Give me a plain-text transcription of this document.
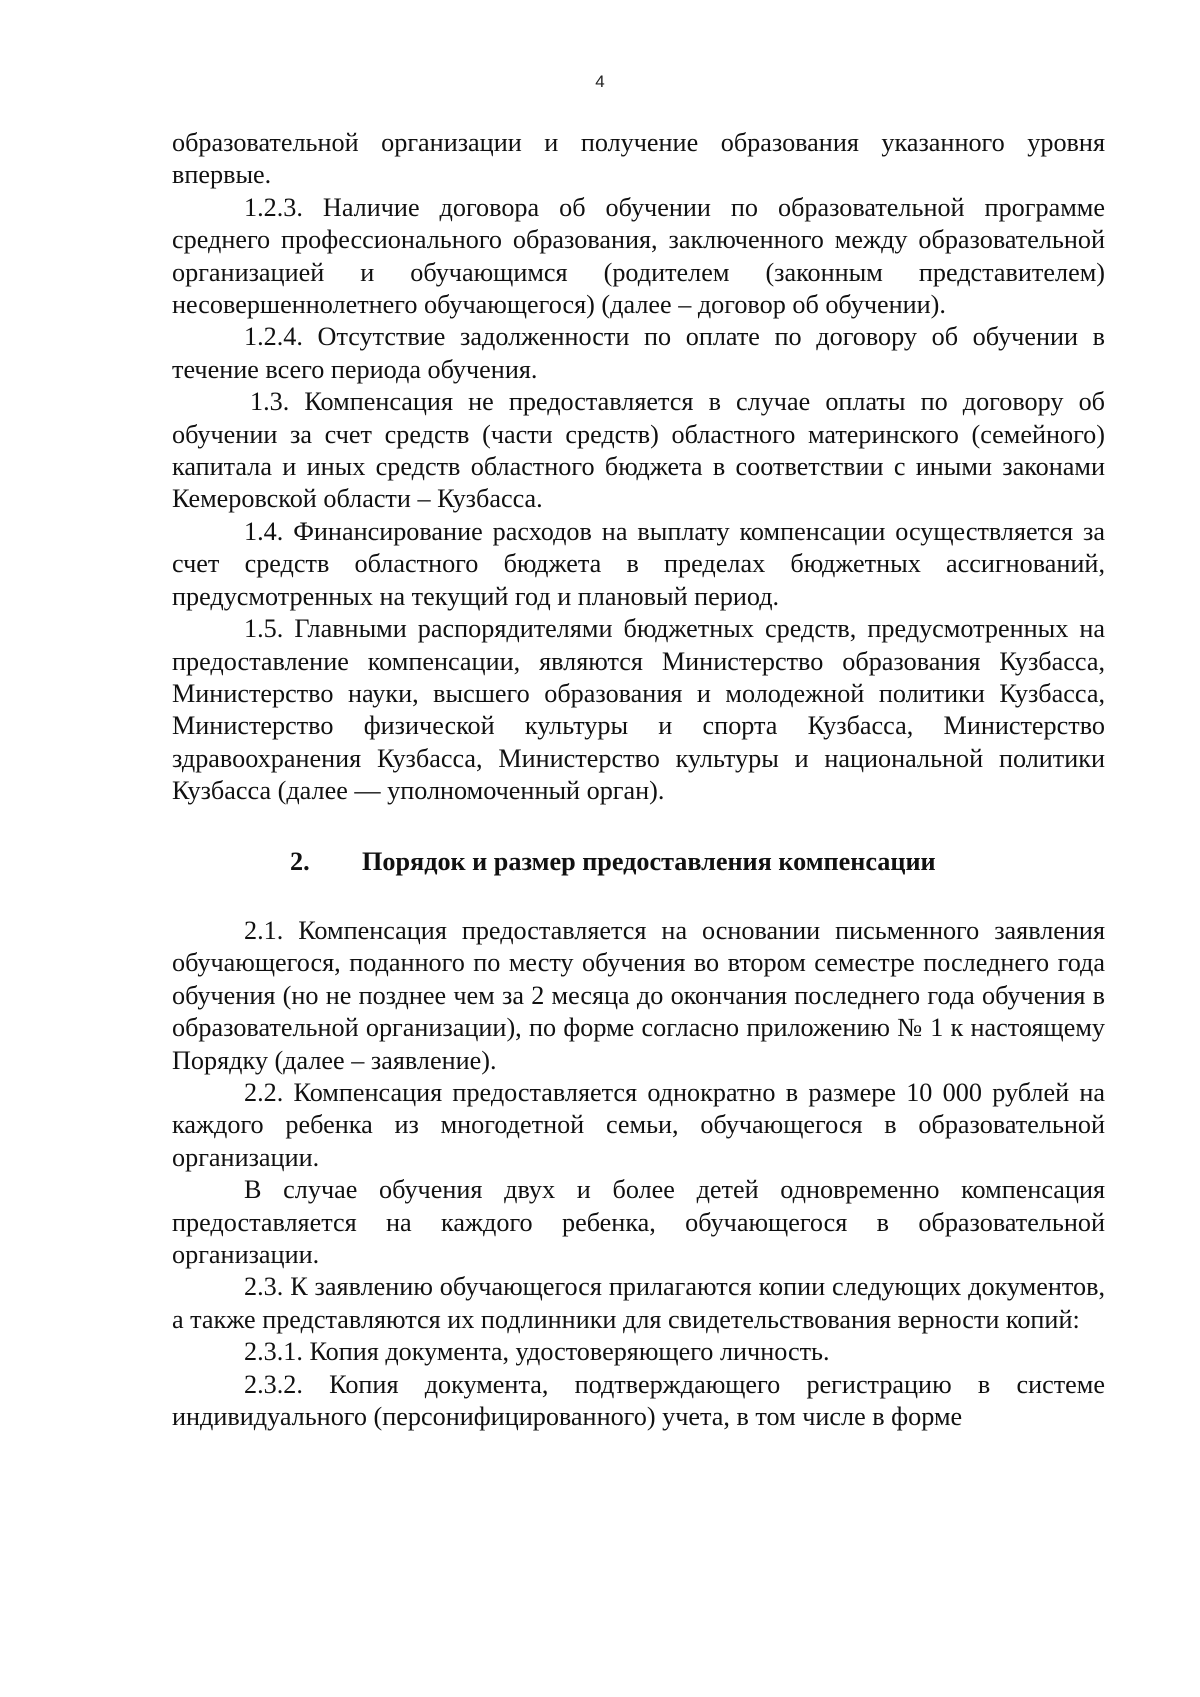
4

образовательной организации и получение образования указанного уровня впервые.

1.2.3. Наличие договора об обучении по образовательной программе среднего профессионального образования, заключенного между образовательной организацией и обучающимся (родителем (законным представителем) несовершеннолетнего обучающегося) (далее – договор об обучении).

1.2.4. Отсутствие задолженности по оплате по договору об обучении в течение всего периода обучения.

1.3. Компенсация не предоставляется в случае оплаты по договору об обучении за счет средств (части средств) областного материнского (семейного) капитала и иных средств областного бюджета в соответствии с иными законами Кемеровской области – Кузбасса.

1.4. Финансирование расходов на выплату компенсации осуществляется за счет средств областного бюджета в пределах бюджетных ассигнований, предусмотренных на текущий год и плановый период.

1.5. Главными распорядителями бюджетных средств, предусмотренных на предоставление компенсации, являются Министерство образования Кузбасса, Министерство науки, высшего образования и молодежной политики Кузбасса, Министерство физической культуры и спорта Кузбасса, Министерство здравоохранения Кузбасса, Министерство культуры и национальной политики Кузбасса (далее — уполномоченный орган).

2. Порядок и размер предоставления компенсации

2.1. Компенсация предоставляется на основании письменного заявления обучающегося, поданного по месту обучения во втором семестре последнего года обучения (но не позднее чем за 2 месяца до окончания последнего года обучения в образовательной организации), по форме согласно приложению № 1 к настоящему Порядку (далее – заявление).

2.2. Компенсация предоставляется однократно в размере 10 000 рублей на каждого ребенка из многодетной семьи, обучающегося в образовательной организации.

В случае обучения двух и более детей одновременно компенсация предоставляется на каждого ребенка, обучающегося в образовательной организации.

2.3. К заявлению обучающегося прилагаются копии следующих документов, а также представляются их подлинники для свидетельствования верности копий:

2.3.1. Копия документа, удостоверяющего личность.

2.3.2. Копия документа, подтверждающего регистрацию в системе индивидуального (персонифицированного) учета, в том числе в форме
